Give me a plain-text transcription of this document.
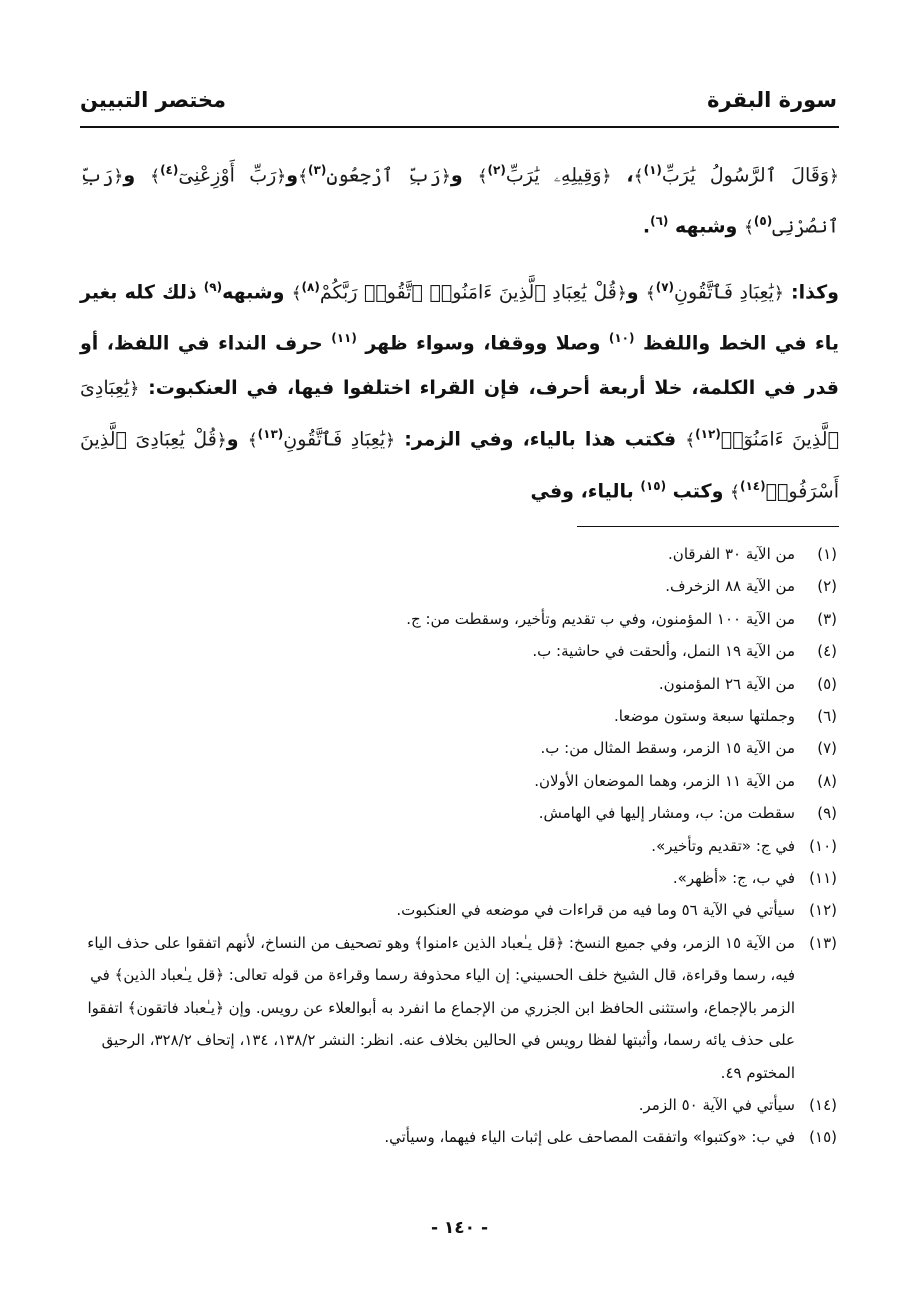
سورة البقرة
مختصر التبيين

﴿وَقَالَ ٱلرَّسُولُ يَٰرَبِّ$^{(١)}$﴾، ﴿وَقِيلِهِۦ يَٰرَبِّ$^{(٢)}$﴾ و﴿رَبِّ ٱرْجِعُونِ$^{(٣)}$﴾و﴿رَبِّ أَوْزِعْنِىٓ$^{(٤)}$﴾ و﴿رَبِّ ٱنصُرْنِى$^{(٥)}$﴾ وشبهه $^{(٦)}$.

وكذا: ﴿يَٰعِبَادِ فَٱتَّقُونِ$^{(٧)}$﴾ و﴿قُلْ يَٰعِبَادِ ٱلَّذِينَ ءَامَنُوا۟ ٱتَّقُوا۟ رَبَّكُمْ$^{(٨)}$﴾ وشبهه$^{(٩)}$ ذلك كله بغير ياء في الخط واللفظ $^{(١٠)}$ وصلا ووقفا، وسواء ظهر $^{(١١)}$ حرف النداء في اللفظ، أو قدر في الكلمة، خلا أربعة أحرف، فإن القراء اختلفوا فيها، في العنكبوت: ﴿يَٰعِبَادِىَ ٱلَّذِينَ ءَامَنُوٓا۟$^{(١٢)}$﴾ فكتب هذا بالياء، وفي الزمر: ﴿يَٰعِبَادِ فَٱتَّقُونِ$^{(١٣)}$﴾ و﴿قُلْ يَٰعِبَادِىَ ٱلَّذِينَ أَسْرَفُوا۟$^{(١٤)}$﴾ وكتب $^{(١٥)}$ بالياء، وفي

(١)
من الآية ٣٠ الفرقان.
(٢)
من الآية ٨٨ الزخرف.
(٣)
من الآية ١٠٠ المؤمنون، وفي ب تقديم وتأخير، وسقطت من: ج.
(٤)
من الآية ١٩ النمل، وألحقت في حاشية: ب.
(٥)
من الآية ٢٦ المؤمنون.
(٦)
وجملتها سبعة وستون موضعا.
(٧)
من الآية ١٥ الزمر، وسقط المثال من: ب.
(٨)
من الآية ١١ الزمر، وهما الموضعان الأولان.
(٩)
سقطت من: ب، ومشار إليها في الهامش.
(١٠)
في ج: «تقديم وتأخير».
(١١)
في ب، ج: «أظهر».
(١٢)
سيأتي في الآية ٥٦ وما فيه من قراءات في موضعه في العنكبوت.
(١٣)
من الآية ١٥ الزمر، وفي جميع النسخ: ﴿قل يـٰعباد الذين ءامنوا﴾ وهو تصحيف من النساخ، لأنهم اتفقوا على حذف الياء فيه، رسما وقراءة، قال الشيخ خلف الحسيني: إن الياء محذوفة رسما وقراءة من قوله تعالى: ﴿قل يـٰعباد الذين﴾ في الزمر بالإجماع، واستثنى الحافظ ابن الجزري من الإجماع ما انفرد به أبوالعلاء عن رويس. وإن ﴿يـٰعباد فاتقون﴾ اتفقوا على حذف يائه رسما، وأثبتها لفظا رويس في الحالين بخلاف عنه. انظر: النشر ١٣٨/٢، ١٣٤، إتحاف ٣٢٨/٢، الرحيق المختوم ٤٩.
(١٤)
سيأتي في الآية ٥٠ الزمر.
(١٥)
في ب: «وكتبوا» واتفقت المصاحف على إثبات الياء فيهما، وسيأتي.
- ١٤٠ -
